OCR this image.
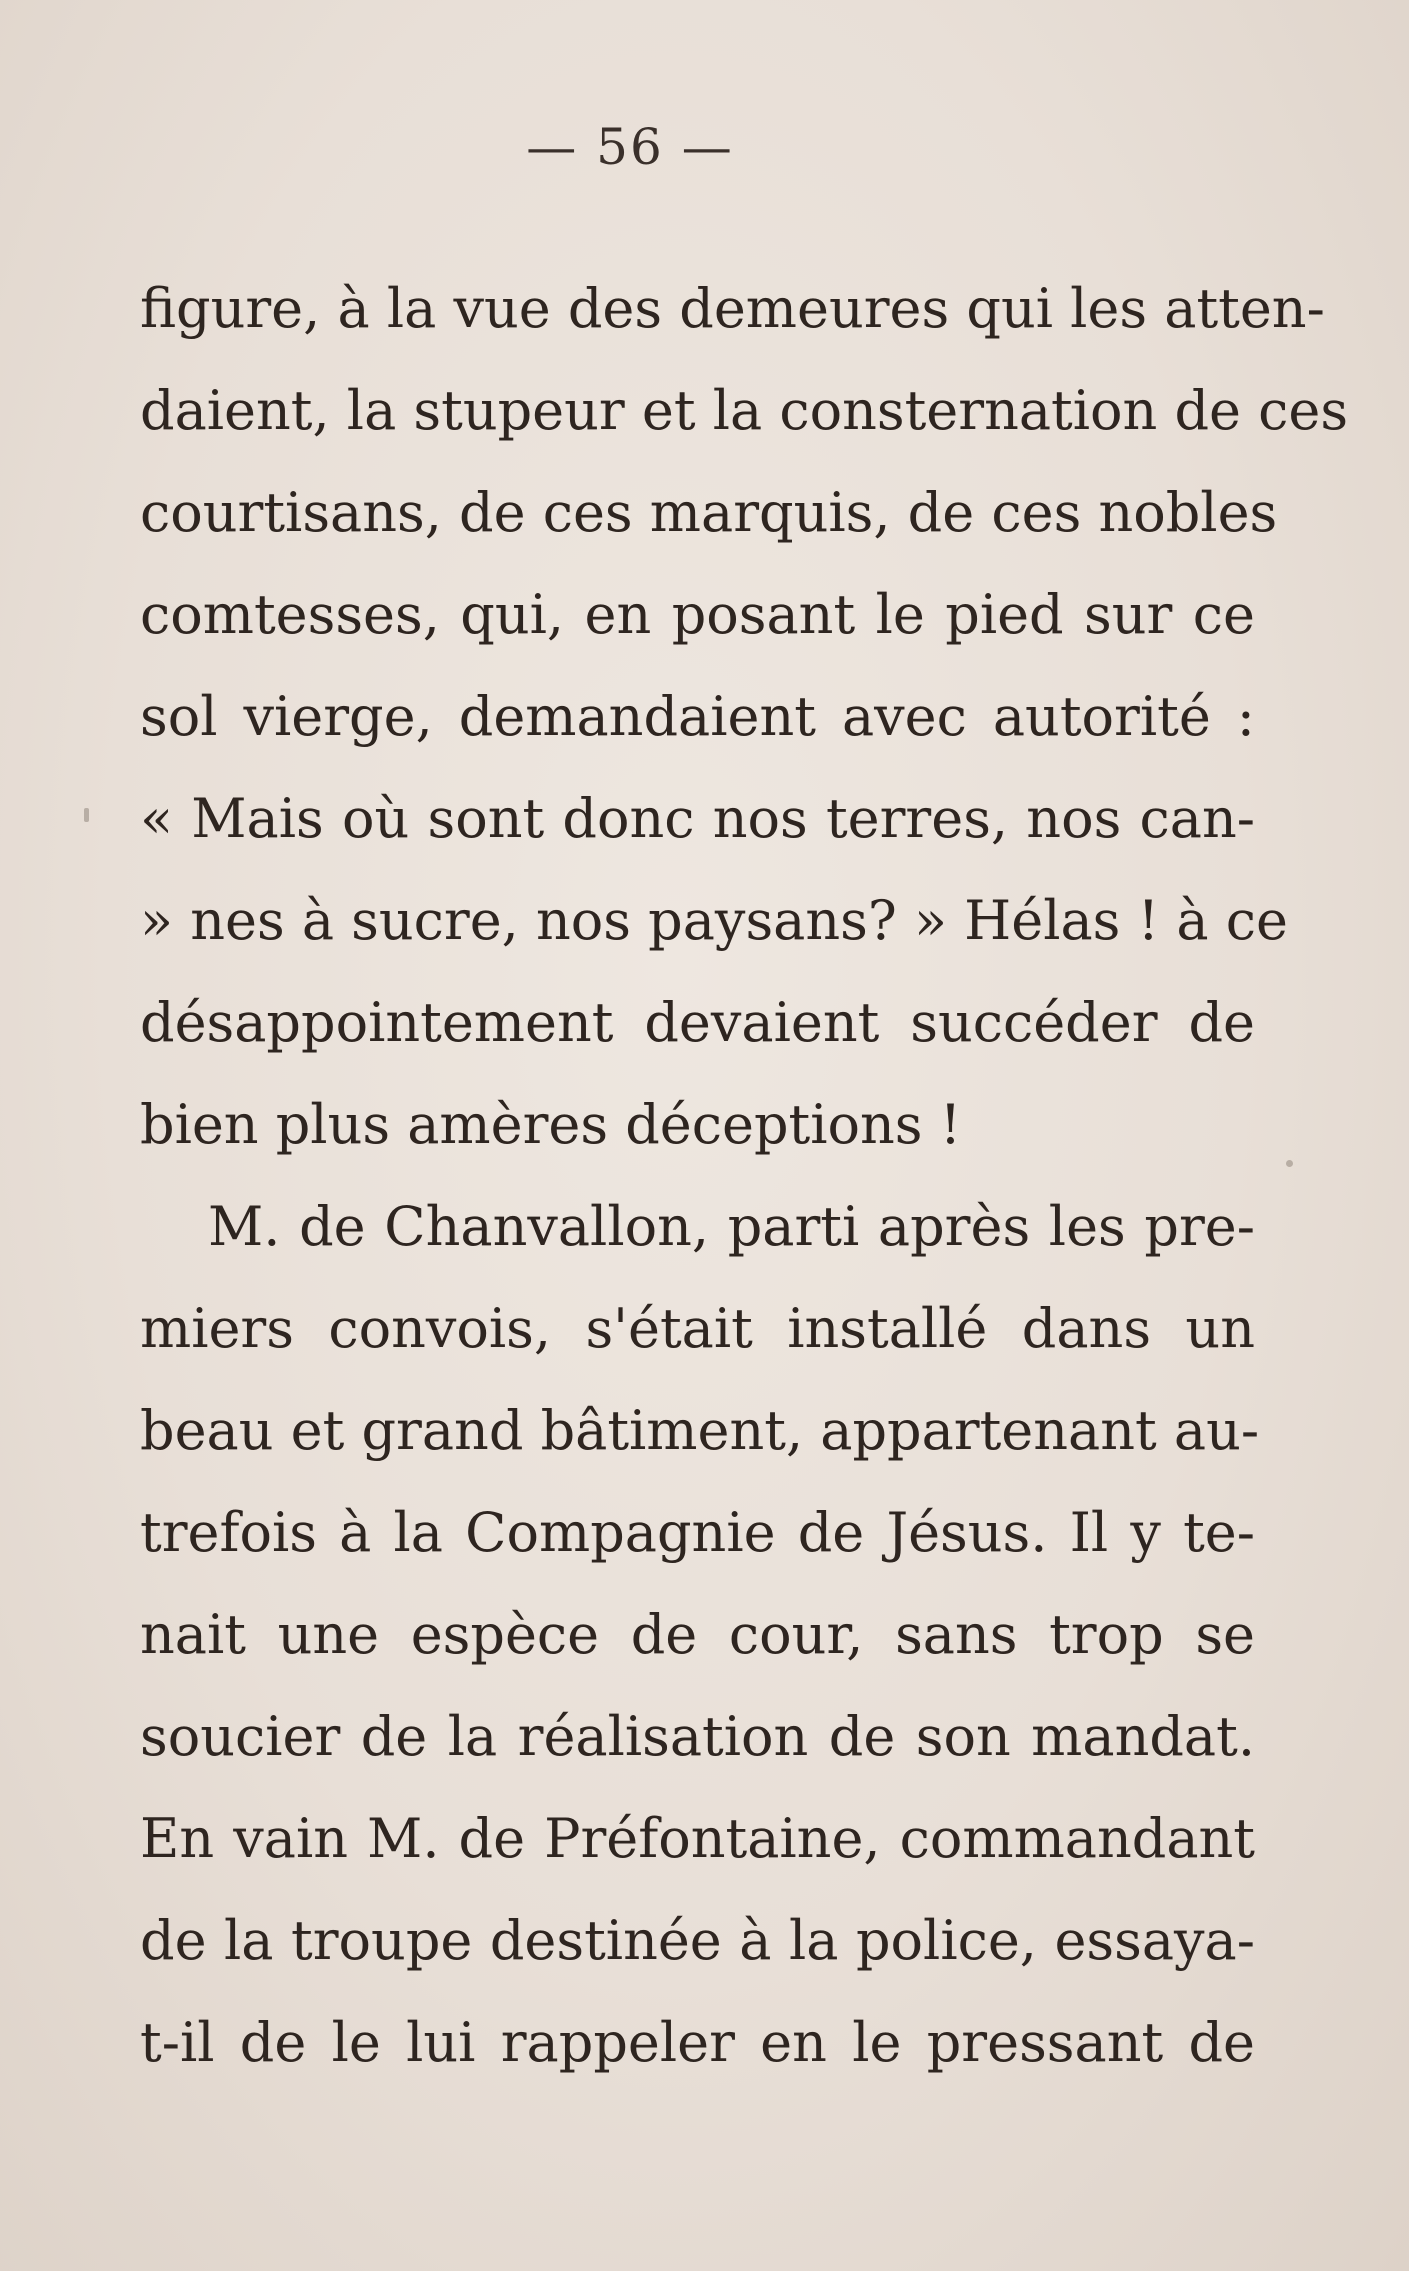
— 56 —
figure, à la vue des demeures qui les atten-
daient, la stupeur et la consternation de ces
courtisans, de ces marquis, de ces nobles
comtesses, qui, en posant le pied sur ce
sol vierge, demandaient avec autorité :
« Mais où sont donc nos terres, nos can-
» nes à sucre, nos paysans? » Hélas ! à ce
désappointement devaient succéder de
bien plus amères déceptions !
M. de Chanvallon, parti après les pre-
miers convois, s'était installé dans un
beau et grand bâtiment, appartenant au-
trefois à la Compagnie de Jésus. Il y te-
nait une espèce de cour, sans trop se
soucier de la réalisation de son mandat.
En vain M. de Préfontaine, commandant
de la troupe destinée à la police, essaya-
t-il de le lui rappeler en le pressant de
